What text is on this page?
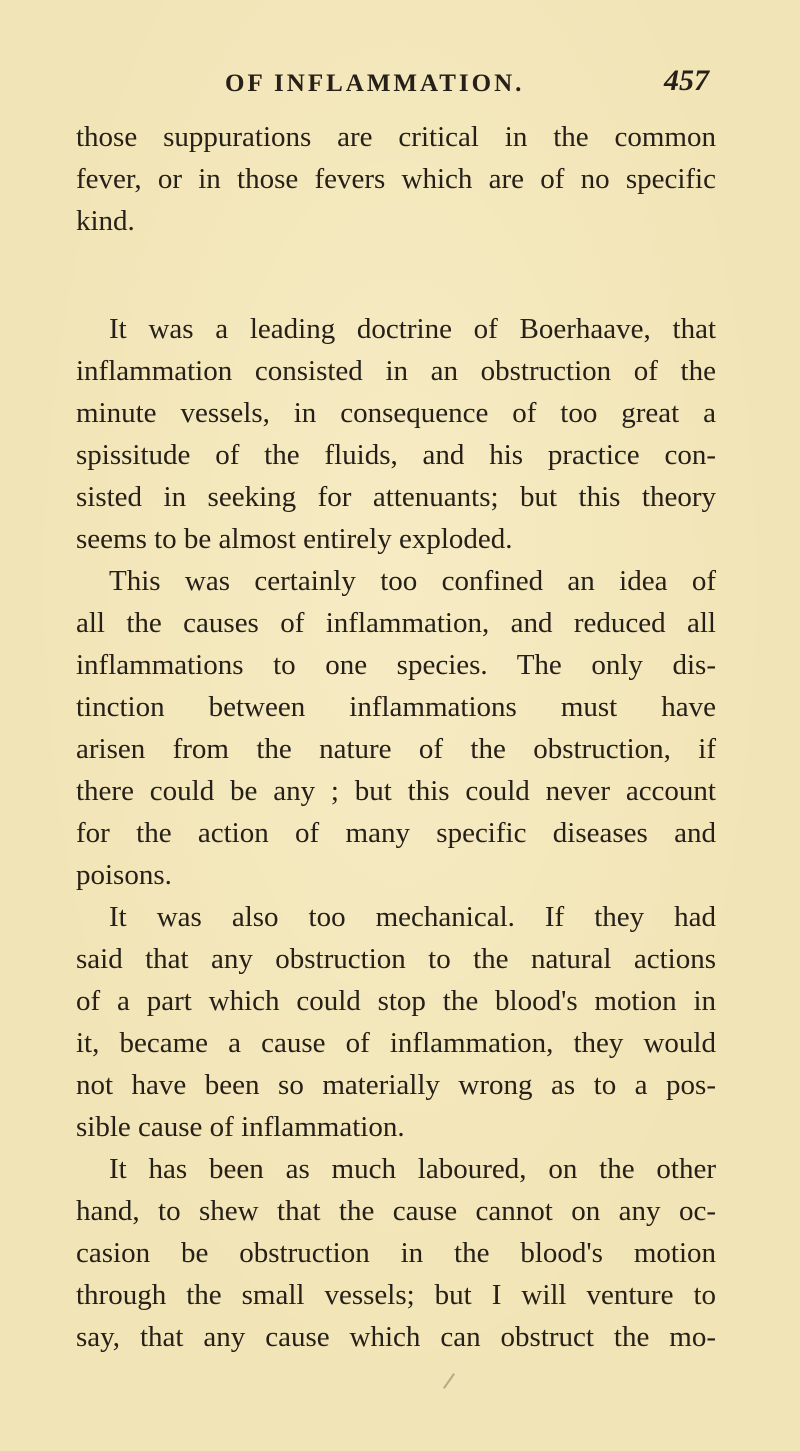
OF INFLAMMATION.	457
those suppurations are critical in the common
fever, or in those fevers which are of no specific
kind.
It was a leading doctrine of Boerhaave, that
inflammation consisted in an obstruction of the
minute vessels, in consequence of too great a
spissitude of the fluids, and his practice con-
sisted in seeking for attenuants; but this theory
seems to be almost entirely exploded.
This was certainly too confined an idea of
all the causes of inflammation, and reduced all
inflammations to one species. The only dis-
tinction between inflammations must have
arisen from the nature of the obstruction, if
there could be any ; but this could never account
for the action of many specific diseases and
poisons.
It was also too mechanical. If they had
said that any obstruction to the natural actions
of a part which could stop the blood's motion in
it, became a cause of inflammation, they would
not have been so materially wrong as to a pos-
sible cause of inflammation.
It has been as much laboured, on the other
hand, to shew that the cause cannot on any oc-
casion be obstruction in the blood's motion
through the small vessels; but I will venture to
say, that any cause which can obstruct the mo-
